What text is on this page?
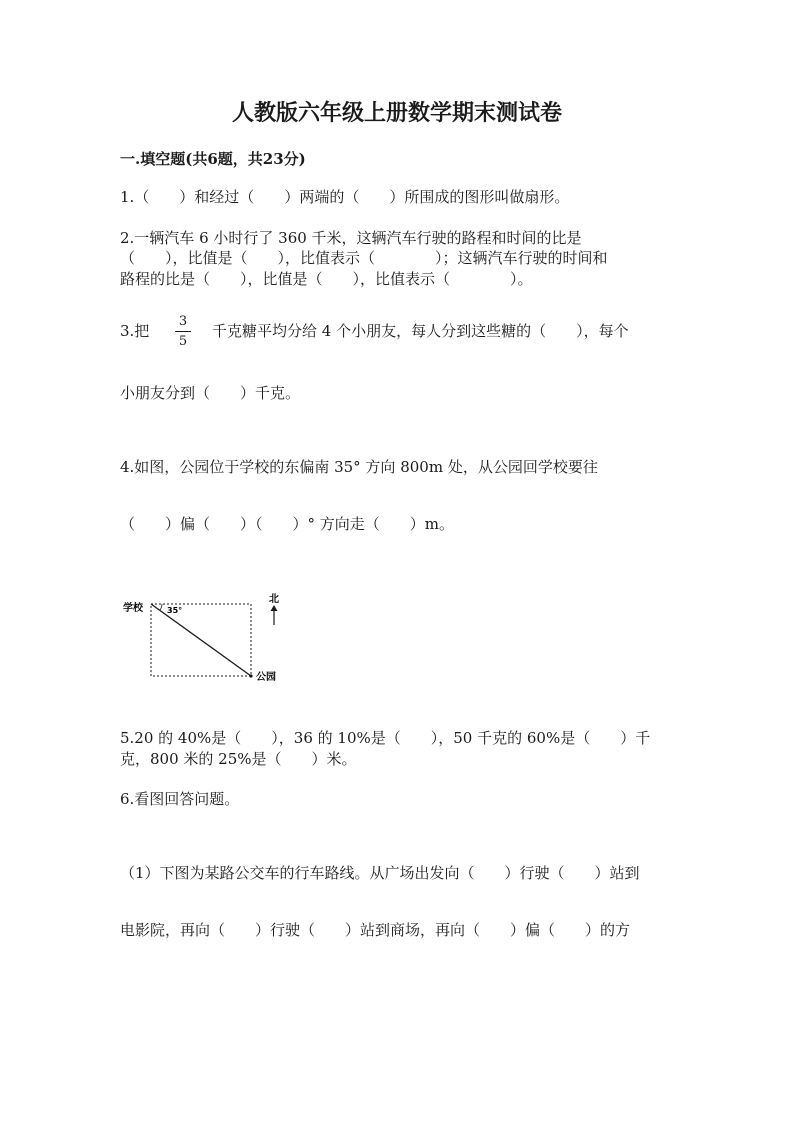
人教版六年级上册数学期末测试卷
一.填空题(共6题，共23分)
1.（　　）和经过（　　）两端的（　　）所围成的图形叫做扇形。
2.一辆汽车 6 小时行了 360 千米，这辆汽车行驶的路程和时间的比是
（　　），比值是（　　），比值表示（　　　　）；这辆汽车行驶的时间和
路程的比是（　　），比值是（　　），比值表示（　　　　）。
3.把
3
5
千克糖平均分给 4 个小朋友，每人分到这些糖的（　　），每个
小朋友分到（　　）千克。
4.如图，公园位于学校的东偏南 35° 方向 800m 处，从公园回学校要往
（　　）偏（　　）（　　）° 方向走（　　）m。
学校
公园
35°
北
5.20 的 40%是（　　），36 的 10%是（　　），50 千克的 60%是（　　）千
克，800 米的 25%是（　　）米。
6.看图回答问题。
（1）下图为某路公交车的行车路线。从广场出发向（　　）行驶（　　）站到
电影院，再向（　　）行驶（　　）站到商场，再向（　　）偏（　　）的方
